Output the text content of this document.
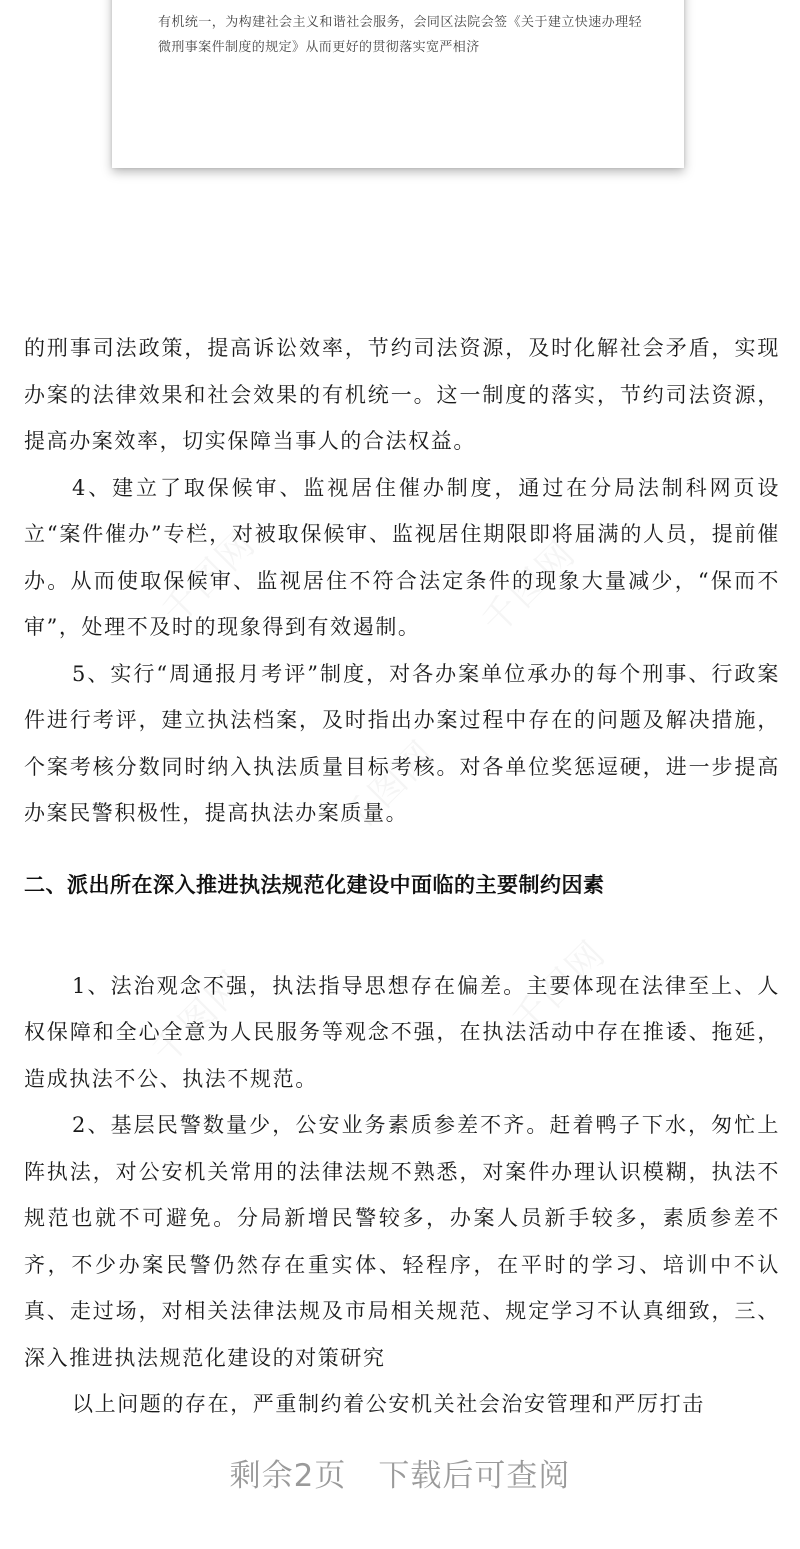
有机统一，为构建社会主义和谐社会服务，会同区法院会签《关于建立快速办理轻微刑事案件制度的规定》从而更好的贯彻落实宽严相济

千图网	千图网
千图网	千图网
千图网

的刑事司法政策，提高诉讼效率，节约司法资源，及时化解社会矛盾，实现办案的法律效果和社会效果的有机统一。这一制度的落实，节约司法资源，提高办案效率，切实保障当事人的合法权益。

4、建立了取保候审、监视居住催办制度，通过在分局法制科网页设立“案件催办”专栏，对被取保候审、监视居住期限即将届满的人员，提前催办。从而使取保候审、监视居住不符合法定条件的现象大量减少，“保而不审”，处理不及时的现象得到有效遏制。

5、实行“周通报月考评”制度，对各办案单位承办的每个刑事、行政案件进行考评，建立执法档案，及时指出办案过程中存在的问题及解决措施，个案考核分数同时纳入执法质量目标考核。对各单位奖惩逗硬，进一步提高办案民警积极性，提高执法办案质量。

二、派出所在深入推进执法规范化建设中面临的主要制约因素

1、法治观念不强，执法指导思想存在偏差。主要体现在法律至上、人权保障和全心全意为人民服务等观念不强，在执法活动中存在推诿、拖延，造成执法不公、执法不规范。

2、基层民警数量少，公安业务素质参差不齐。赶着鸭子下水，匆忙上阵执法，对公安机关常用的法律法规不熟悉，对案件办理认识模糊，执法不规范也就不可避免。分局新增民警较多，办案人员新手较多，素质参差不齐，不少办案民警仍然存在重实体、轻程序，在平时的学习、培训中不认真、走过场，对相关法律法规及市局相关规范、规定学习不认真细致，三、深入推进执法规范化建设的对策研究

以上问题的存在，严重制约着公安机关社会治安管理和严厉打击

剩余2页　下载后可查阅
